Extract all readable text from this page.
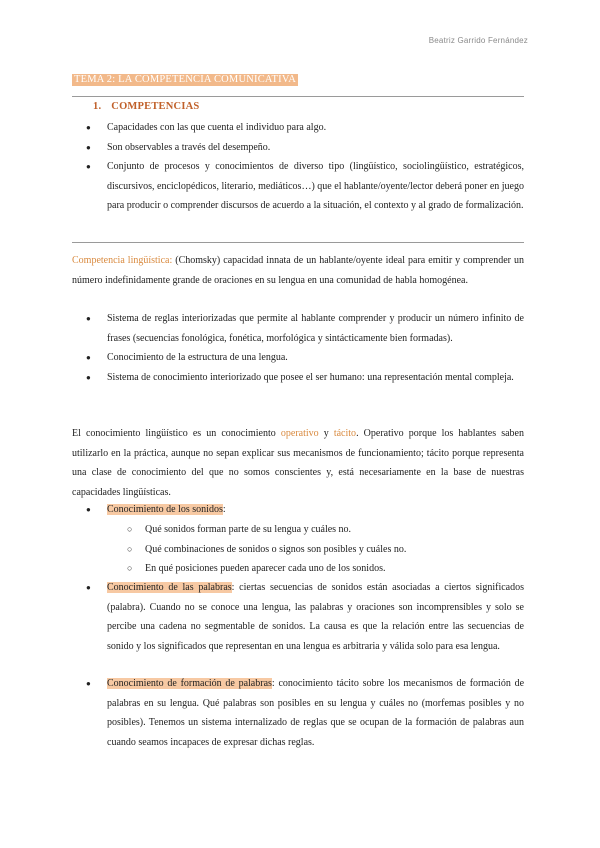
Beatriz Garrido Fernández
TEMA 2: LA COMPETENCIA COMUNICATIVA
1. COMPETENCIAS
● Capacidades con las que cuenta el individuo para algo.
● Son observables a través del desempeño.
● Conjunto de procesos y conocimientos de diverso tipo (lingüístico, sociolingüístico, estratégicos, discursivos, enciclopédicos, literario, mediáticos…) que el hablante/oyente/lector deberá poner en juego para producir o comprender discursos de acuerdo a la situación, el contexto y al grado de formalización.
Competencia lingüística: (Chomsky) capacidad innata de un hablante/oyente ideal para emitir y comprender un número indefinidamente grande de oraciones en su lengua en una comunidad de habla homogénea.
● Sistema de reglas interiorizadas que permite al hablante comprender y producir un número infinito de frases (secuencias fonológica, fonética, morfológica y sintácticamente bien formadas).
● Conocimiento de la estructura de una lengua.
● Sistema de conocimiento interiorizado que posee el ser humano: una representación mental compleja.
El conocimiento lingüístico es un conocimiento operativo y tácito. Operativo porque los hablantes saben utilizarlo en la práctica, aunque no sepan explicar sus mecanismos de funcionamiento; tácito porque representa una clase de conocimiento del que no somos conscientes y, está necesariamente en la base de nuestras capacidades lingüísticas.
● Conocimiento de los sonidos:
○ Qué sonidos forman parte de su lengua y cuáles no.
○ Qué combinaciones de sonidos o signos son posibles y cuáles no.
○ En qué posiciones pueden aparecer cada uno de los sonidos.
● Conocimiento de las palabras: ciertas secuencias de sonidos están asociadas a ciertos significados (palabra). Cuando no se conoce una lengua, las palabras y oraciones son incomprensibles y solo se percibe una cadena no segmentable de sonidos. La causa es que la relación entre las secuencias de sonido y los significados que representan en una lengua es arbitraria y válida solo para esa lengua.
● Conocimiento de formación de palabras: conocimiento tácito sobre los mecanismos de formación de palabras en su lengua. Qué palabras son posibles en su lengua y cuáles no (morfemas posibles y no posibles). Tenemos un sistema internalizado de reglas que se ocupan de la formación de palabras aun cuando seamos incapaces de expresar dichas reglas.
